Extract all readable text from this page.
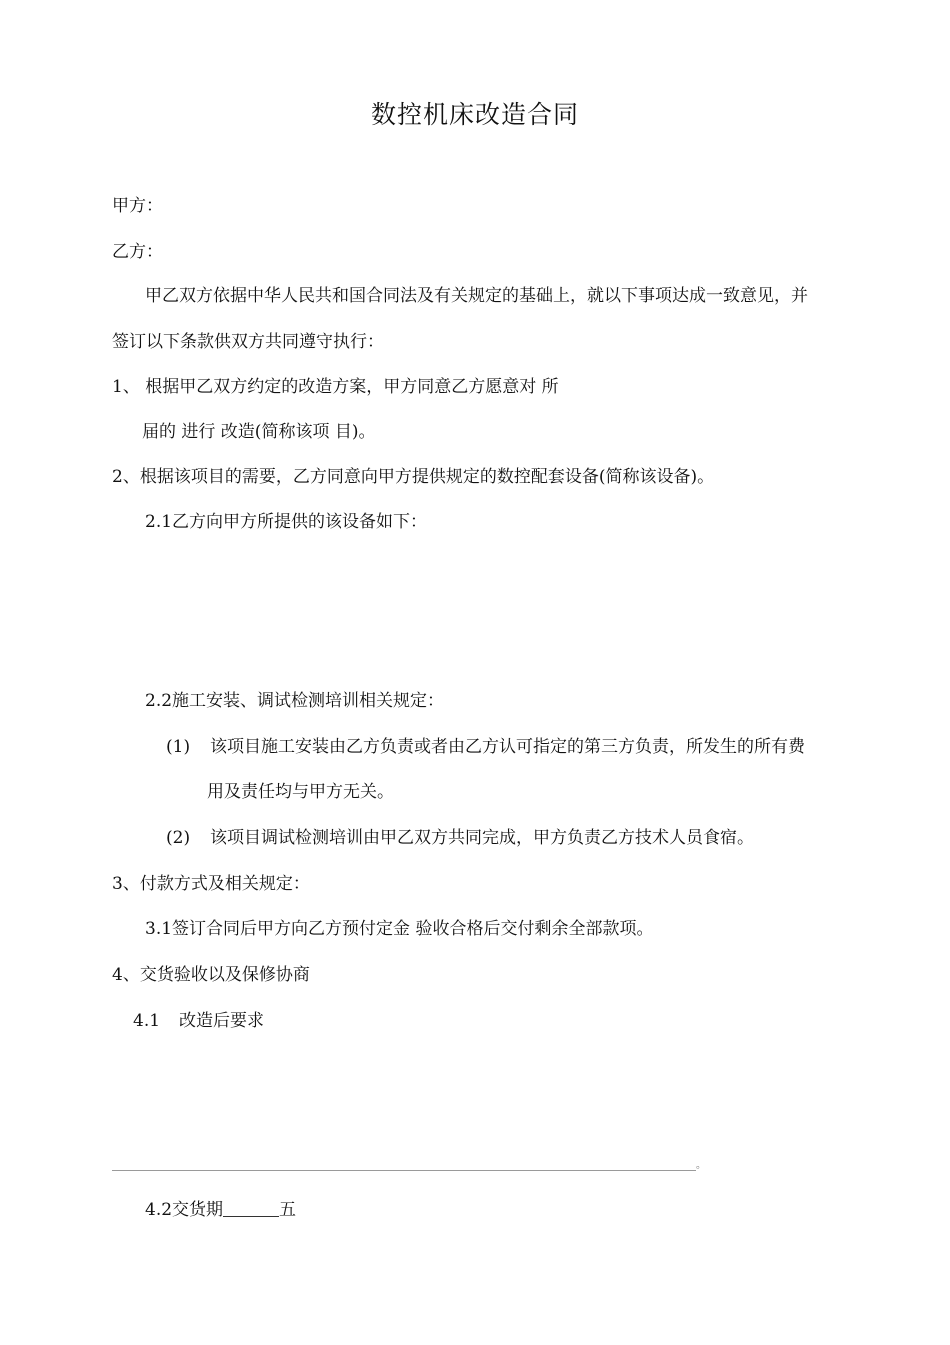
数控机床改造合同
甲方：
乙方：
甲乙双方依据中华人民共和国合同法及有关规定的基础上，就以下事项达成一致意见，并
签订以下条款供双方共同遵守执行：
1、 根据甲乙双方约定的改造方案，甲方同意乙方愿意对 所
届的 进行 改造(简称该项 目)。
2、根据该项目的需要，乙方同意向甲方提供规定的数控配套设备(简称该设备)。
2.1乙方向甲方所提供的该设备如下：
2.2施工安装、调试检测培训相关规定：
(1) 该项目施工安装由乙方负责或者由乙方认可指定的第三方负责，所发生的所有费
用及责任均与甲方无关。
(2) 该项目调试检测培训由甲乙双方共同完成，甲方负责乙方技术人员食宿。
3、付款方式及相关规定：
3.1签订合同后甲方向乙方预付定金 验收合格后交付剩余全部款项。
4、交货验收以及保修协商
4.1 改造后要求
。
4.2交货期	五
